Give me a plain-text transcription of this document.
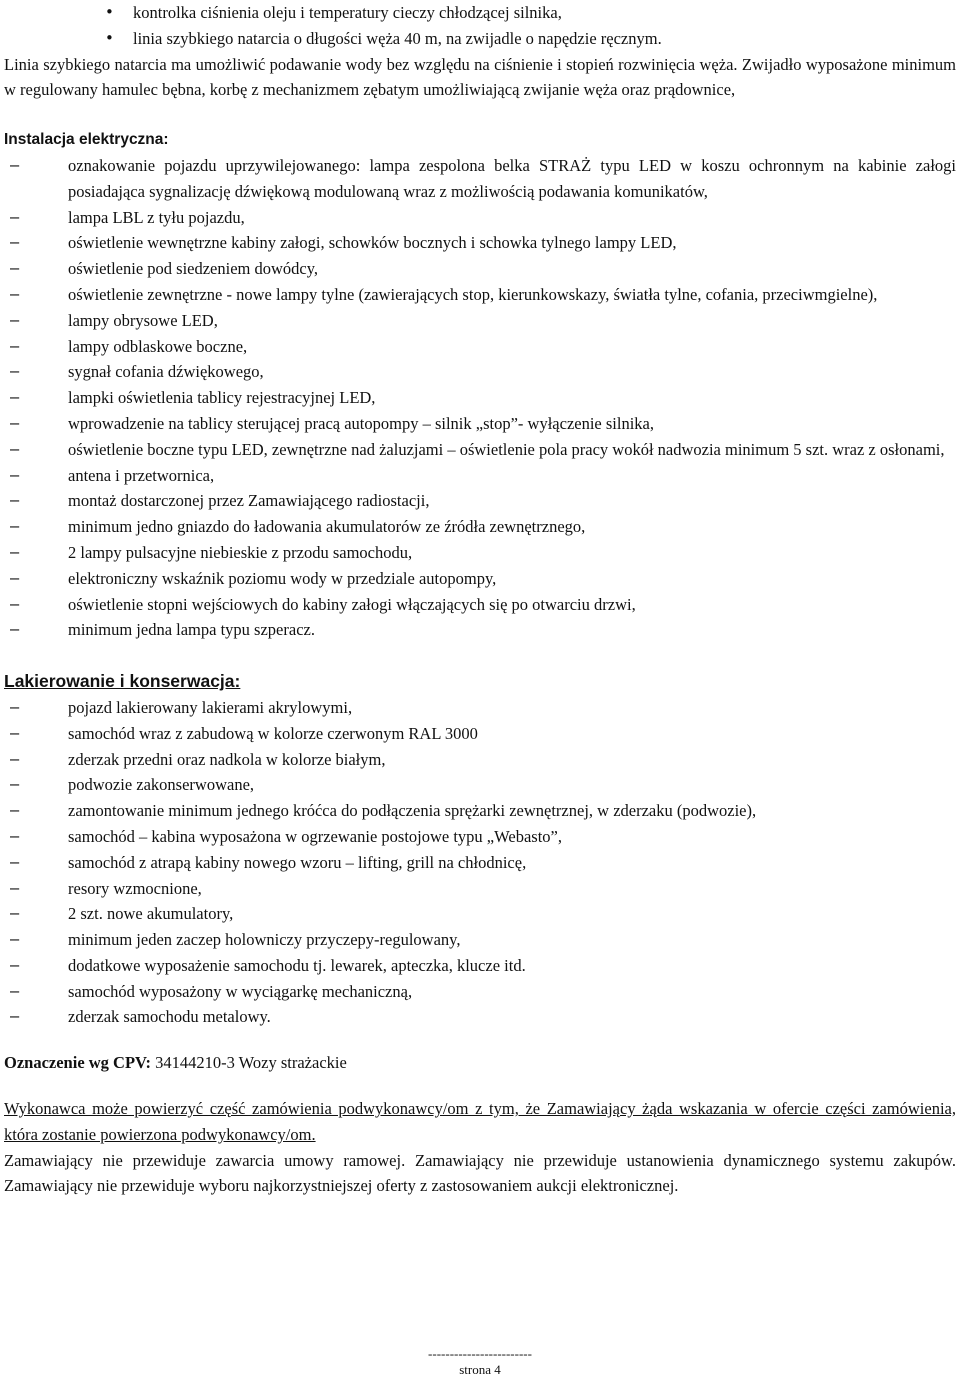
• kontrolka ciśnienia oleju i temperatury cieczy chłodzącej silnika,
• linia szybkiego natarcia o długości węża 40 m, na zwijadle o napędzie ręcznym.

Linia szybkiego natarcia ma umożliwić podawanie wody bez względu na ciśnienie i stopień rozwinięcia węża. Zwijadło wyposażone minimum w regulowany hamulec bębna, korbę z mechanizmem zębatym umożliwiającą zwijanie węża oraz prądownice,

Instalacja elektryczna:

– oznakowanie pojazdu uprzywilejowanego: lampa zespolona belka STRAŻ typu LED w koszu ochronnym na kabinie załogi posiadająca sygnalizację dźwiękową modulowaną wraz z możliwością podawania komunikatów,
– lampa LBL z tyłu pojazdu,
– oświetlenie wewnętrzne kabiny załogi, schowków bocznych i schowka tylnego lampy LED,
– oświetlenie pod siedzeniem dowódcy,
– oświetlenie zewnętrzne - nowe lampy tylne (zawierających stop, kierunkowskazy, światła tylne, cofania, przeciwmgielne),
– lampy obrysowe LED,
– lampy odblaskowe boczne,
– sygnał cofania dźwiękowego,
– lampki oświetlenia tablicy rejestracyjnej LED,
– wprowadzenie na tablicy sterującej pracą autopompy – silnik „stop”- wyłączenie silnika,
– oświetlenie boczne typu LED, zewnętrzne nad żaluzjami – oświetlenie pola pracy wokół nadwozia minimum 5 szt. wraz z osłonami,
– antena i przetwornica,
– montaż dostarczonej przez Zamawiającego radiostacji,
– minimum jedno gniazdo do ładowania akumulatorów ze źródła zewnętrznego,
– 2 lampy pulsacyjne niebieskie z przodu samochodu,
– elektroniczny wskaźnik poziomu wody w przedziale autopompy,
– oświetlenie stopni wejściowych do kabiny załogi włączających się po otwarciu drzwi,
– minimum jedna lampa typu szperacz.

Lakierowanie i konserwacja:

– pojazd lakierowany lakierami akrylowymi,
– samochód wraz z zabudową w kolorze czerwonym RAL 3000
– zderzak przedni oraz nadkola w kolorze białym,
– podwozie zakonserwowane,
– zamontowanie minimum jednego króćca do podłączenia sprężarki zewnętrznej, w zderzaku (podwozie),
– samochód – kabina wyposażona w ogrzewanie postojowe typu „Webasto”,
– samochód z atrapą kabiny nowego wzoru – lifting, grill na chłodnicę,
– resory wzmocnione,
– 2 szt. nowe akumulatory,
– minimum jeden zaczep holowniczy przyczepy-regulowany,
– dodatkowe wyposażenie samochodu tj. lewarek, apteczka, klucze itd.
– samochód wyposażony w wyciągarkę mechaniczną,
– zderzak samochodu metalowy.

Oznaczenie wg CPV: 34144210-3 Wozy strażackie

Wykonawca może powierzyć część zamówienia podwykonawcy/om z tym, że Zamawiający żąda wskazania w ofercie części zamówienia, która zostanie powierzona podwykonawcy/om.

Zamawiający nie przewiduje zawarcia umowy ramowej. Zamawiający nie przewiduje ustanowienia dynamicznego systemu zakupów. Zamawiający nie przewiduje wyboru najkorzystniejszej oferty z zastosowaniem aukcji elektronicznej.

------------------------
strona 4
